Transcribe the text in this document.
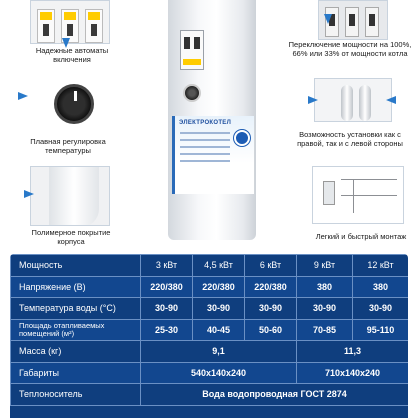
ЭЛЕКТРОКОТЕЛ
Надежные автоматы включения
Переключение мощности на 100%, 66% или 33% от мощности котла
Плавная регулировка температуры
Возможность установки как с правой, так и с левой стороны
Полимерное покрытие корпуса
Легкий и быстрый монтаж
Мощность	3 кВт	4,5 кВт	6 кВт	9 кВт	12 кВт
Напряжение (В)	220/380	220/380	220/380	380	380
Температура воды (°С)	30-90	30-90	30-90	30-90	30-90
Площадь отапливаемых помещений (м²)	25-30	40-45	50-60	70-85	95-110
Масса (кг)	9,1			11,3	
Габариты	540х140х240			710х140х240	
Теплоноситель	Вода водопроводная ГОСТ 2874				
